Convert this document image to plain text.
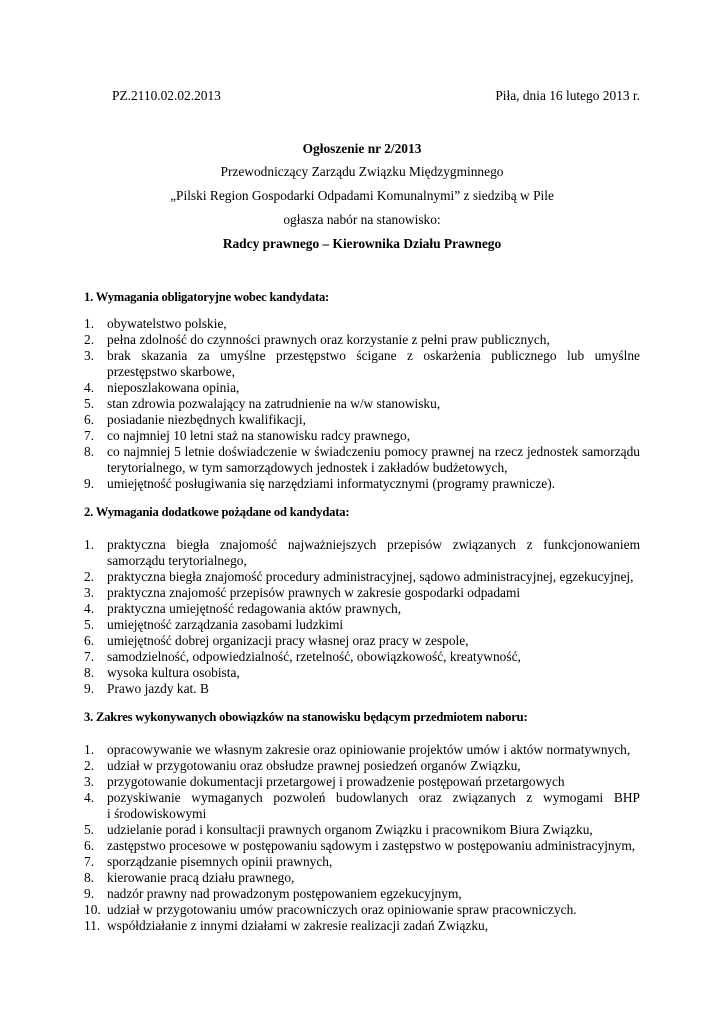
PZ.2110.02.02.2013	Piła, dnia 16 lutego 2013 r.
Ogłoszenie nr 2/2013
Przewodniczący Zarządu Związku Międzygminnego
„Pilski Region Gospodarki Odpadami Komunalnymi” z siedzibą w Pile
ogłasza nabór na stanowisko:
Radcy prawnego – Kierownika Działu Prawnego
1. Wymagania obligatoryjne wobec kandydata:
1. obywatelstwo polskie,
2. pełna zdolność do czynności prawnych oraz korzystanie z pełni praw publicznych,
3. brak skazania za umyślne przestępstwo ścigane z oskarżenia publicznego lub umyślne
przestępstwo skarbowe,
4. nieposzlakowana opinia,
5. stan zdrowia pozwalający na zatrudnienie na w/w stanowisku,
6. posiadanie niezbędnych kwalifikacji,
7. co najmniej 10 letni staż na stanowisku radcy prawnego,
8. co najmniej 5 letnie doświadczenie w świadczeniu pomocy prawnej na rzecz jednostek samorządu
terytorialnego, w tym samorządowych jednostek i zakładów budżetowych,
9. umiejętność posługiwania się narzędziami informatycznymi (programy prawnicze).
2. Wymagania dodatkowe pożądane od kandydata:
1. praktyczna biegła znajomość najważniejszych przepisów związanych z funkcjonowaniem
samorządu terytorialnego,
2. praktyczna biegła znajomość procedury administracyjnej, sądowo administracyjnej, egzekucyjnej,
3. praktyczna znajomość przepisów prawnych w zakresie gospodarki odpadami
4. praktyczna umiejętność redagowania aktów prawnych,
5. umiejętność zarządzania zasobami ludzkimi
6. umiejętność dobrej organizacji pracy własnej oraz pracy w zespole,
7. samodzielność, odpowiedzialność, rzetelność, obowiązkowość, kreatywność,
8. wysoka kultura osobista,
9. Prawo jazdy kat. B
3. Zakres wykonywanych obowiązków na stanowisku będącym przedmiotem naboru:
1. opracowywanie we własnym zakresie oraz opiniowanie projektów umów i aktów normatywnych,
2. udział w przygotowaniu oraz obsłudze prawnej posiedzeń organów Związku,
3. przygotowanie dokumentacji przetargowej i prowadzenie postępowań przetargowych
4. pozyskiwanie wymaganych pozwoleń budowlanych oraz związanych z wymogami BHP
i środowiskowymi
5. udzielanie porad i konsultacji prawnych organom Związku i pracownikom Biura Związku,
6. zastępstwo procesowe w postępowaniu sądowym i zastępstwo w postępowaniu administracyjnym,
7. sporządzanie pisemnych opinii prawnych,
8. kierowanie pracą działu prawnego,
9. nadzór prawny nad prowadzonym postępowaniem egzekucyjnym,
10. udział w przygotowaniu umów pracowniczych oraz opiniowanie spraw pracowniczych.
11. współdziałanie z innymi działami w zakresie realizacji zadań Związku,
